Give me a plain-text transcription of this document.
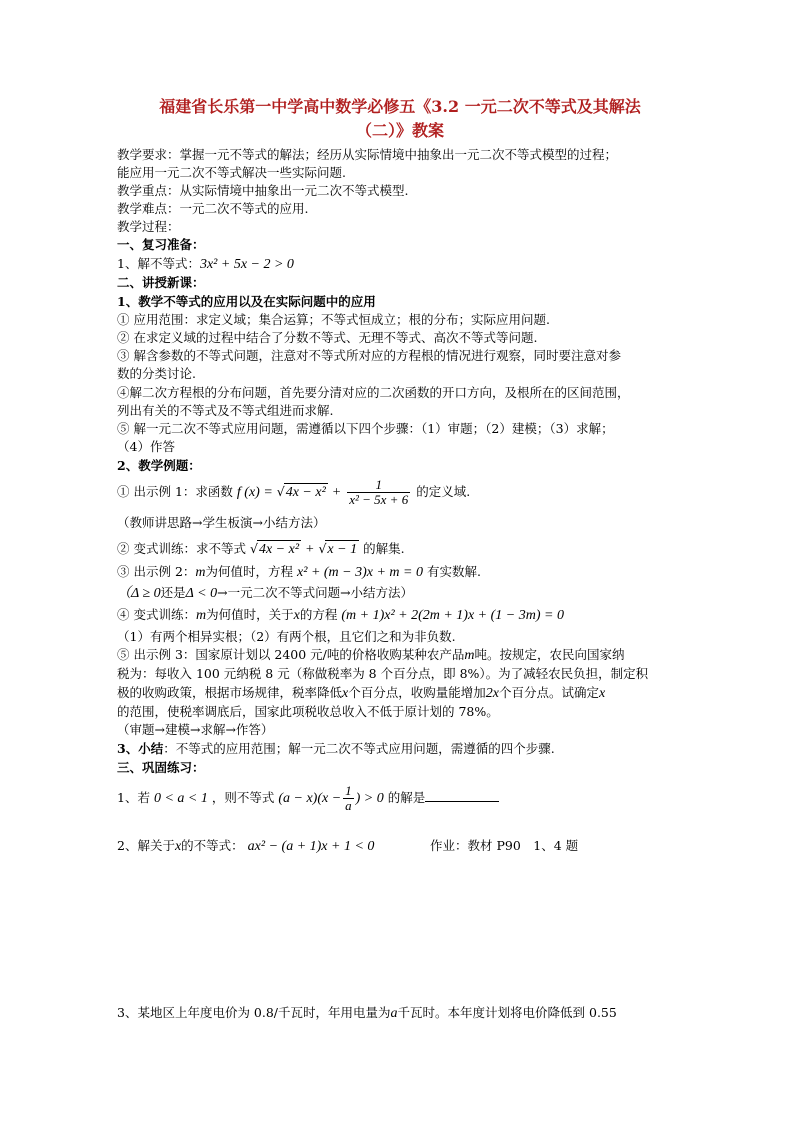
福建省长乐第一中学高中数学必修五《3.2 一元二次不等式及其解法
（二）》教案
教学要求：掌握一元不等式的解法；经历从实际情境中抽象出一元二次不等式模型的过程；
能应用一元二次不等式解决一些实际问题.
教学重点：从实际情境中抽象出一元二次不等式模型.
教学难点：一元二次不等式的应用.
教学过程：
一、复习准备：
1、解不等式：3x² + 5x − 2 > 0
二、讲授新课：
1、教学不等式的应用以及在实际问题中的应用
① 应用范围：求定义域；集合运算；不等式恒成立；根的分布；实际应用问题.
② 在求定义域的过程中结合了分数不等式、无理不等式、高次不等式等问题.
③ 解含参数的不等式问题，注意对不等式所对应的方程根的情况进行观察，同时要注意对参
数的分类讨论.
④解二次方程根的分布问题，首先要分清对应的二次函数的开口方向，及根所在的区间范围，
列出有关的不等式及不等式组进而求解.
⑤ 解一元二次不等式应用问题，需遵循以下四个步骤：（1）审题；（2）建模；（3）求解；
（4）作答
2、教学例题：
① 出示例 1：求函数 f $(x) = √4x - x^2 + \frac{1}{\text{x² − 5x + 6}}$ 的定义域.
（教师讲思路→学生板演→小结方法）
② 变式训练：求不等式 √4x − x² + √x − 1 的解集.
③ 出示例 2：m为何值时，方程 x² + (m − 3)x + m = 0 有实数解.
（Δ ≥ 0还是Δ < 0→一元二次不等式问题→小结方法）
④ 变式训练：m为何值时，关于x的方程 (m + 1)x² + 2(2m + 1)x + (1 − 3m) = 0
（1）有两个相异实根；（2）有两个根，且它们之和为非负数.
⑤ 出示例 3：国家原计划以 2400 元/吨的价格收购某种农产品m吨。按规定，农民向国家纳
税为：每收入 100 元纳税 8 元（称做税率为 8 个百分点，即 8%）。为了减轻农民负担，制定积
极的收购政策，根据市场规律，税率降低x个百分点，收购量能增加2x个百分点。试确定x
的范围，使税率调底后，国家此项税收总收入不低于原计划的 78%。
（审题→建模→求解→作答）
3、小结：不等式的应用范围；解一元二次不等式应用问题，需遵循的四个步骤.
三、巩固练习：
1、若 0 < a < 1 ，则不等式 $(a - x)(x - \frac{1}{a}$ ) > 0 的解是
2、解关于x的不等式： ax² − (a + 1)x + 1 < 0	作业：教材 P90　1、4 题
3、某地区上年度电价为 0.8/千瓦时，年用电量为a千瓦时。本年度计划将电价降低到 0.55
